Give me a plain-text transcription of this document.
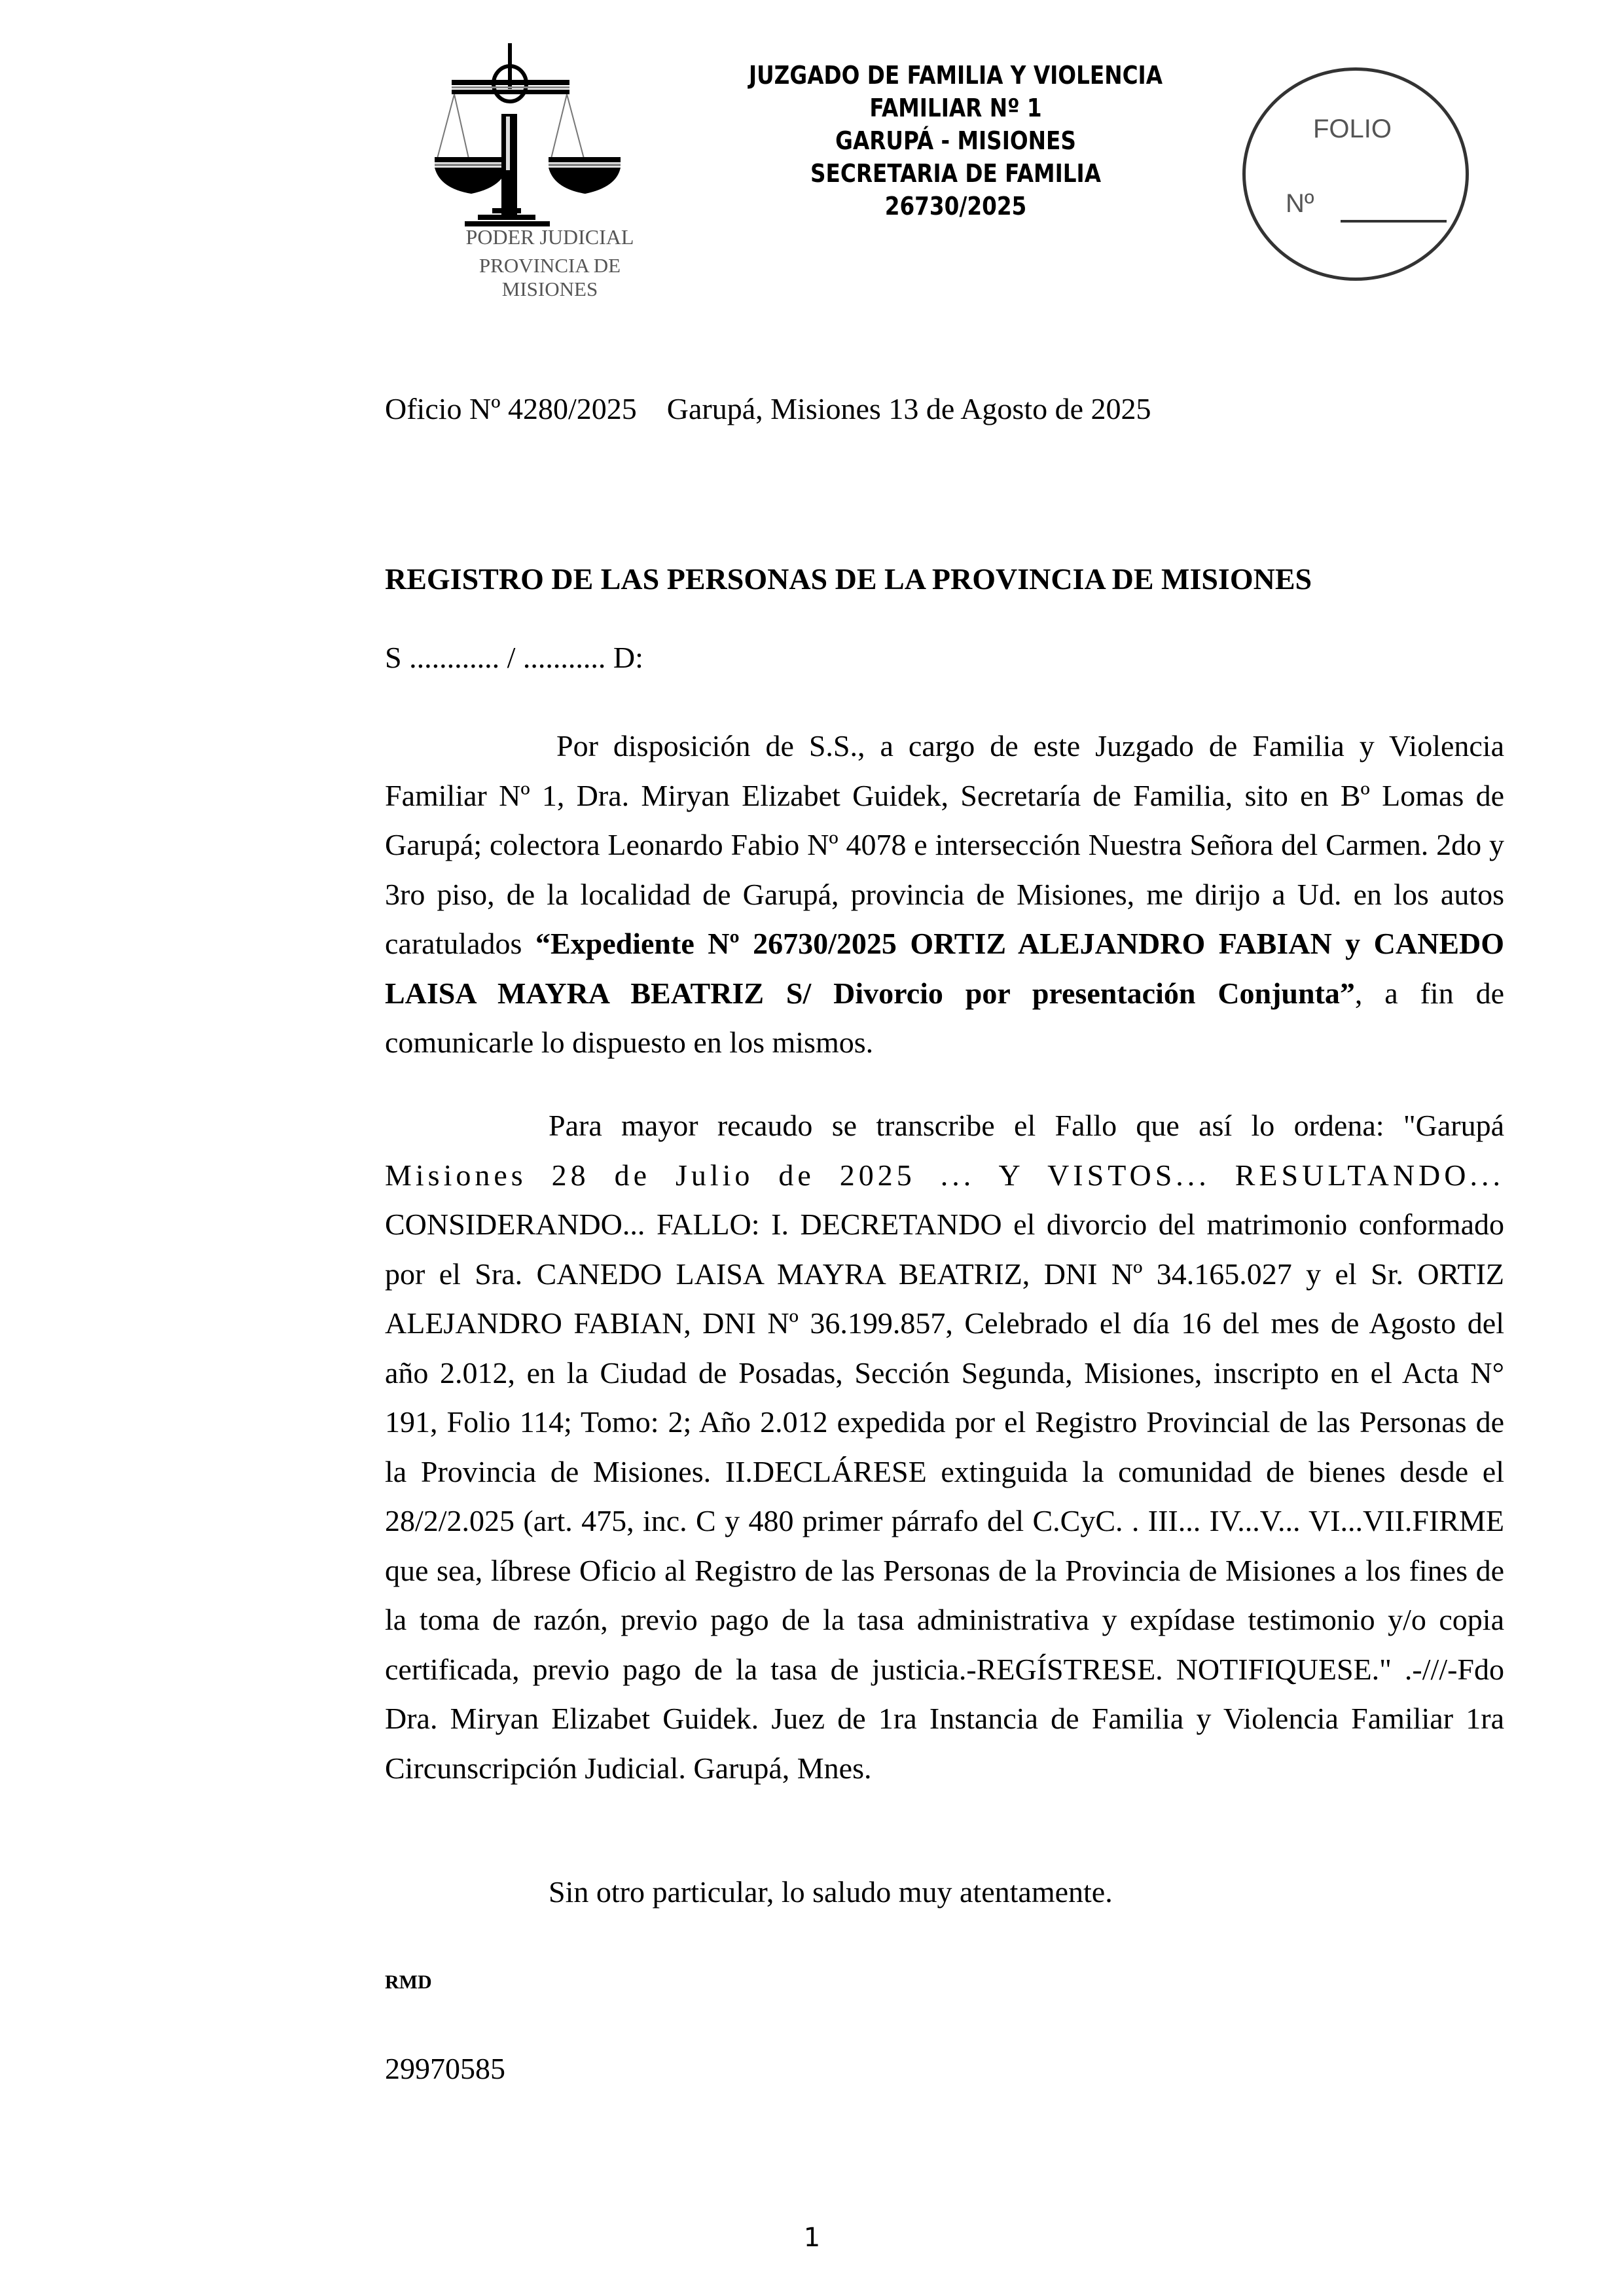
PODER JUDICIAL
PROVINCIA DE MISIONES
JUZGADO DE FAMILIA Y VIOLENCIA
FAMILIAR Nº 1
GARUPÁ - MISIONES
SECRETARIA DE FAMILIA
26730/2025
FOLIO
Nº
Oficio Nº 4280/2025    Garupá, Misiones 13 de Agosto de 2025
REGISTRO DE LAS PERSONAS DE LA PROVINCIA DE MISIONES
S ............ / ........... D:

Por disposición de S.S., a cargo de este Juzgado de Familia y Violencia Familiar Nº 1, Dra. Miryan Elizabet Guidek, Secretaría de Familia, sito en Bº Lomas de Garupá; colectora Leonardo Fabio Nº 4078 e intersección Nuestra Señora del Carmen. 2do y 3ro piso, de la localidad de Garupá, provincia de Misiones, me dirijo a Ud. en los autos caratulados “Expediente Nº 26730/2025 ORTIZ ALEJANDRO FABIAN y CANEDO LAISA MAYRA BEATRIZ S/ Divorcio por presentación Conjunta”, a fin de comunicarle lo dispuesto en los mismos.

Para mayor recaudo se transcribe el Fallo que así lo ordena: "Garupá Misiones 28 de Julio de 2025 ... Y VISTOS... RESULTANDO... CONSIDERANDO... FALLO: I. DECRETANDO el divorcio del matrimonio conformado por el Sra. CANEDO LAISA MAYRA BEATRIZ, DNI Nº 34.165.027 y el Sr. ORTIZ ALEJANDRO FABIAN, DNI Nº 36.199.857, Celebrado el día 16 del mes de Agosto del año 2.012, en la Ciudad de Posadas, Sección Segunda, Misiones, inscripto en el Acta N° 191, Folio 114; Tomo: 2; Año 2.012 expedida por el Registro Provincial de las Personas de la Provincia de Misiones. II.DECLÁRESE extinguida la comunidad de bienes desde el 28/2/2.025 (art. 475, inc. C y 480 primer párrafo del C.CyC. . III... IV...V... VI...VII.FIRME que sea, líbrese Oficio al Registro de las Personas de la Provincia de Misiones a los fines de la toma de razón, previo pago de la tasa administrativa y expídase testimonio y/o copia certificada, previo pago de la tasa de justicia.-REGÍSTRESE. NOTIFIQUESE." .-///-Fdo Dra. Miryan Elizabet Guidek. Juez de 1ra Instancia de Familia y Violencia Familiar 1ra Circunscripción Judicial. Garupá, Mnes.

Sin otro particular, lo saludo muy atentamente.
RMD
29970585
1
